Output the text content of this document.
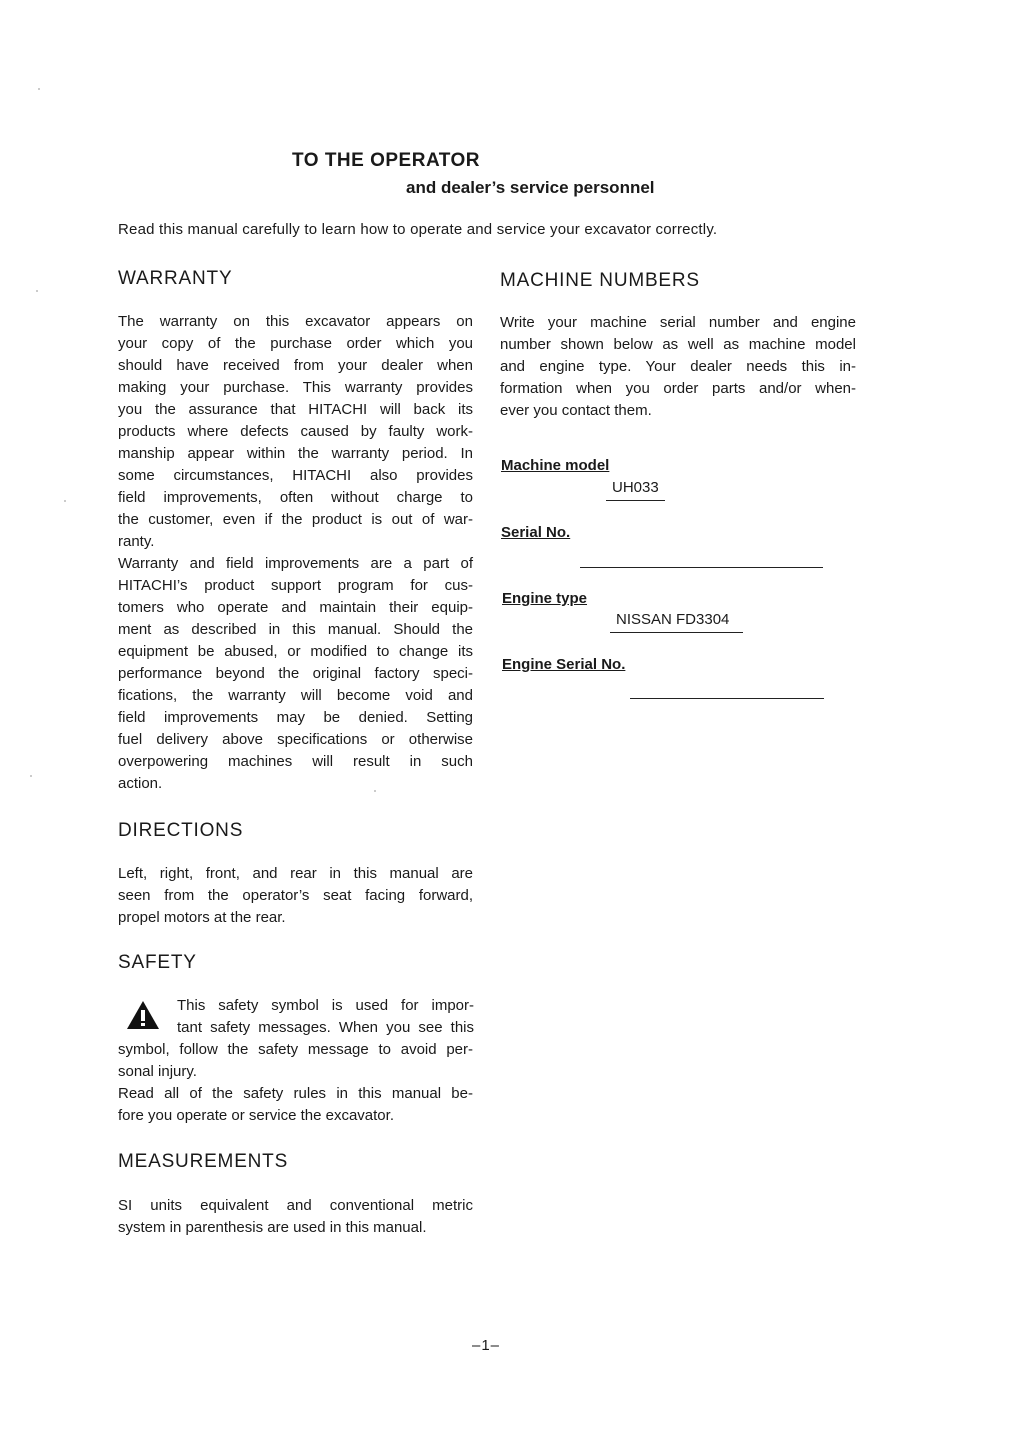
TO THE OPERATOR
and dealer’s service personnel
Read this manual carefully to learn how to operate and service your excavator correctly.
WARRANTY
The warranty on this excavator appears on
your copy of the purchase order which you
should have received from your dealer when
making your purchase. This warranty provides
you the assurance that HITACHI will back its
products where defects caused by faulty work-
manship appear within the warranty period. In
some circumstances, HITACHI also provides
field improvements, often without charge to
the customer, even if the product is out of war-
ranty.
Warranty and field improvements are a part of
HITACHI’s product support program for cus-
tomers who operate and maintain their equip-
ment as described in this manual. Should the
equipment be abused, or modified to change its
performance beyond the original factory speci-
fications, the warranty will become void and
field improvements may be denied. Setting
fuel delivery above specifications or otherwise
overpowering machines will result in such
action.
MACHINE NUMBERS
Write your machine serial number and engine
number shown below as well as machine model
and engine type. Your dealer needs this in-
formation when you order parts and/or when-
ever you contact them.
Machine model
UH033
Serial No.
Engine type
NISSAN FD3304
Engine Serial No.
DIRECTIONS
Left, right, front, and rear in this manual are
seen from the operator’s seat facing forward,
propel motors at the rear.
SAFETY
This safety symbol is used for impor-
tant safety messages. When you see this
symbol, follow the safety message to avoid per-
sonal injury.
Read all of the safety rules in this manual be-
fore you operate or service the excavator.
MEASUREMENTS
SI units equivalent and conventional metric
system in parenthesis are used in this manual.
–1–
